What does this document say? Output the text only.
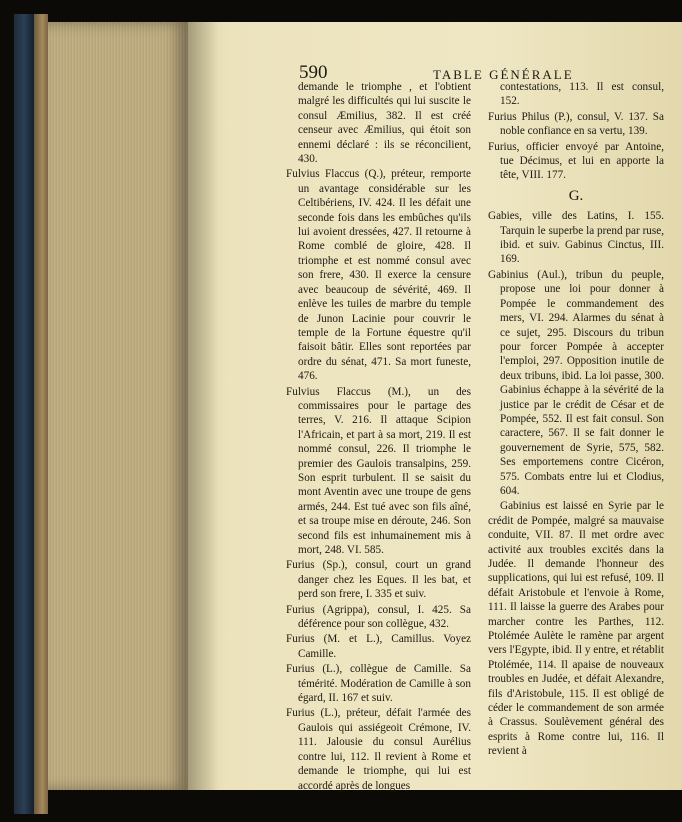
590	TABLE GÉNÉRALE
demande le triomphe , et l'obtient malgré les difficultés qui lui suscite le consul Æmilius, 382. Il est créé censeur avec Æmilius, qui étoit son ennemi déclaré : ils se réconcilient, 430.
Fulvius Flaccus (Q.), préteur, remporte un avantage considérable sur les Celtibériens, IV. 424. Il les défait une seconde fois dans les embûches qu'ils lui avoient dressées, 427. Il retourne à Rome comblé de gloire, 428. Il triomphe et est nommé consul avec son frere, 430. Il exerce la censure avec beaucoup de sévérité, 469. Il enlève les tuiles de marbre du temple de Junon Lacinie pour couvrir le temple de la Fortune équestre qu'il faisoit bâtir. Elles sont reportées par ordre du sénat, 471. Sa mort funeste, 476.
Fulvius Flaccus (M.), un des commissaires pour le partage des terres, V. 216. Il attaque Scipion l'Africain, et part à sa mort, 219. Il est nommé consul, 226. Il triomphe le premier des Gaulois transalpins, 259. Son esprit turbulent. Il se saisit du mont Aventin avec une troupe de gens armés, 244. Est tué avec son fils aîné, et sa troupe mise en déroute, 246. Son second fils est inhumainement mis à mort, 248. VI. 585.
Furius (Sp.), consul, court un grand danger chez les Eques. Il les bat, et perd son frere, I. 335 et suiv.
Furius (Agrippa), consul, I. 425. Sa déférence pour son collègue, 432.
Furius (M. et L.), Camillus. Voyez Camille.
Furius (L.), collègue de Camille. Sa témérité. Modération de Camille à son égard, II. 167 et suiv.
Furius (L.), préteur, défait l'armée des Gaulois qui assiégeoit Crémone, IV. 111. Jalousie du consul Aurélius contre lui, 112. Il revient à Rome et demande le triomphe, qui lui est accordé après de longues
contestations, 113. Il est consul, 152.
Furius Philus (P.), consul, V. 137. Sa noble confiance en sa vertu, 139.
Furius, officier envoyé par Antoine, tue Décimus, et lui en apporte la tête, VIII. 177.
G.
Gabies, ville des Latins, I. 155. Tarquin le superbe la prend par ruse, ibid. et suiv. Gabinus Cinctus, III. 169.
Gabinius (Aul.), tribun du peuple, propose une loi pour donner à Pompée le commandement des mers, VI. 294. Alarmes du sénat à ce sujet, 295. Discours du tribun pour forcer Pompée à accepter l'emploi, 297. Opposition inutile de deux tribuns, ibid. La loi passe, 300. Gabinius échappe à la sévérité de la justice par le crédit de César et de Pompée, 552. Il est fait consul. Son caractere, 567. Il se fait donner le gouvernement de Syrie, 575, 582. Ses emportemens contre Cicéron, 575. Combats entre lui et Clodius, 604.
Gabinius est laissé en Syrie par le crédit de Pompée, malgré sa mauvaise conduite, VII. 87. Il met ordre avec activité aux troubles excités dans la Judée. Il demande l'honneur des supplications, qui lui est refusé, 109. Il défait Aristobule et l'envoie à Rome, 111. Il laisse la guerre des Arabes pour marcher contre les Parthes, 112. Ptolémée Aulète le ramène par argent vers l'Egypte, ibid. Il y entre, et rétablit Ptolémée, 114. Il apaise de nouveaux troubles en Judée, et défait Alexandre, fils d'Aristobule, 115. Il est obligé de céder le commandement de son armée à Crassus. Soulèvement général des esprits à Rome contre lui, 116. Il revient à
